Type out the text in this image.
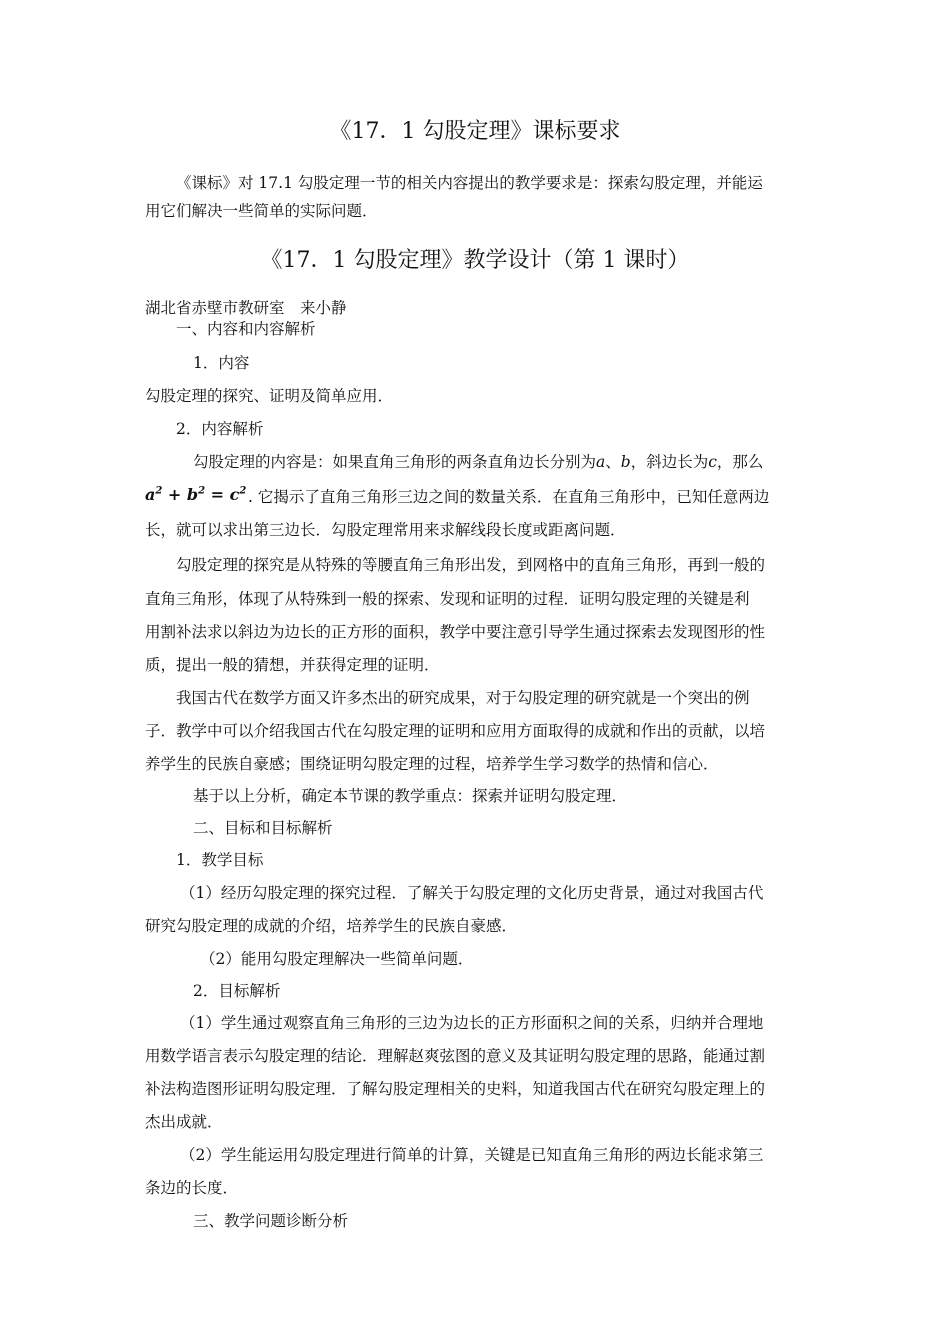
《17．1 勾股定理》课标要求
《课标》对 17.1 勾股定理一节的相关内容提出的教学要求是：探索勾股定理，并能运
用它们解决一些简单的实际问题．
《17．1 勾股定理》教学设计（第 1 课时）
湖北省赤壁市教研室　来小静
一、内容和内容解析
1．内容
勾股定理的探究、证明及简单应用．
2．内容解析
勾股定理的内容是：如果直角三角形的两条直角边长分别为a、b，斜边长为c，那么
$a^2 + b^2 = c^2$ . 它揭示了直角三角形三边之间的数量关系．在直角三角形中，已知任意两边
长，就可以求出第三边长．勾股定理常用来求解线段长度或距离问题．
勾股定理的探究是从特殊的等腰直角三角形出发，到网格中的直角三角形，再到一般的
直角三角形，体现了从特殊到一般的探索、发现和证明的过程．证明勾股定理的关键是利
用割补法求以斜边为边长的正方形的面积，教学中要注意引导学生通过探索去发现图形的性
质，提出一般的猜想，并获得定理的证明．
我国古代在数学方面又许多杰出的研究成果，对于勾股定理的研究就是一个突出的例
子．教学中可以介绍我国古代在勾股定理的证明和应用方面取得的成就和作出的贡献，以培
养学生的民族自豪感；围绕证明勾股定理的过程，培养学生学习数学的热情和信心．
基于以上分析，确定本节课的教学重点：探索并证明勾股定理．
二、目标和目标解析
1．教学目标
（1）经历勾股定理的探究过程．了解关于勾股定理的文化历史背景，通过对我国古代
研究勾股定理的成就的介绍，培养学生的民族自豪感．
（2）能用勾股定理解决一些简单问题．
2．目标解析
（1）学生通过观察直角三角形的三边为边长的正方形面积之间的关系，归纳并合理地
用数学语言表示勾股定理的结论．理解赵爽弦图的意义及其证明勾股定理的思路，能通过割
补法构造图形证明勾股定理．了解勾股定理相关的史料，知道我国古代在研究勾股定理上的
杰出成就．
（2）学生能运用勾股定理进行简单的计算，关键是已知直角三角形的两边长能求第三
条边的长度．
三、教学问题诊断分析
